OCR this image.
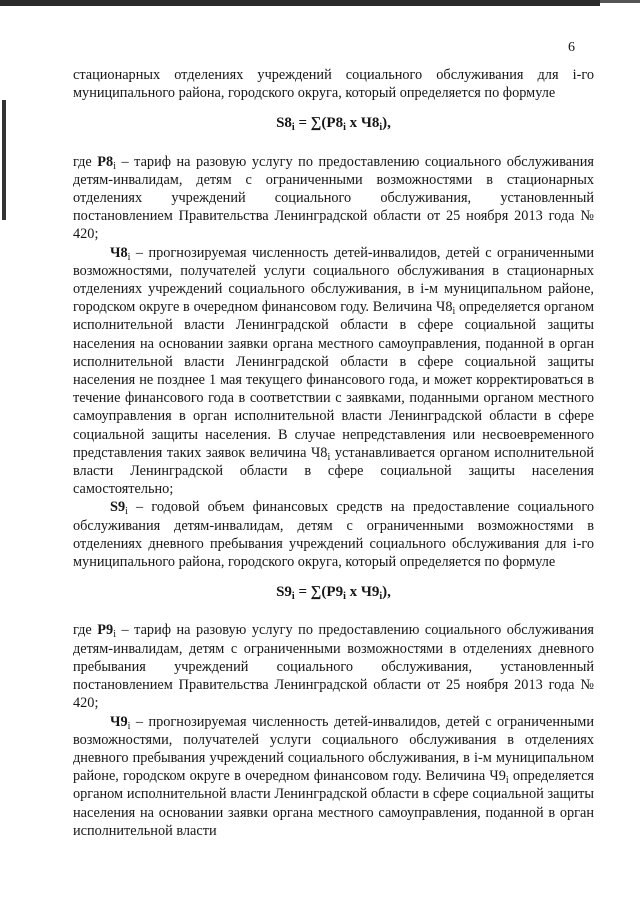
6

стационарных отделениях учреждений социального обслуживания для i-го муниципального района, городского округа, который определяется по формуле

$S8_i = \sum(P8_i$ x $Ч8_i$),

где $P8_i$ – тариф на разовую услугу по предоставлению социального обслуживания детям-инвалидам, детям с ограниченными возможностями в стационарных отделениях учреждений социального обслуживания, установленный постановлением Правительства Ленинградской области от 25 ноября 2013 года № 420;

$Ч8_i$ – прогнозируемая численность детей-инвалидов, детей с ограниченными возможностями, получателей услуги социального обслуживания в стационарных отделениях учреждений социального обслуживания, в i-м муниципальном районе, городском округе в очередном финансовом году. Величина $Ч8_i$ определяется органом исполнительной власти Ленинградской области в сфере социальной защиты населения на основании заявки органа местного самоуправления, поданной в орган исполнительной власти Ленинградской области в сфере социальной защиты населения не позднее 1 мая текущего финансового года, и может корректироваться в течение финансового года в соответствии с заявками, поданными органом местного самоуправления в орган исполнительной власти Ленинградской области в сфере социальной защиты населения. В случае непредставления или несвоевременного представления таких заявок величина $Ч8_i$ устанавливается органом исполнительной власти Ленинградской области в сфере социальной защиты населения самостоятельно;

$S9_i$ – годовой объем финансовых средств на предоставление социального обслуживания детям-инвалидам, детям с ограниченными возможностями в отделениях дневного пребывания учреждений социального обслуживания для i-го муниципального района, городского округа, который определяется по формуле

$S9_i = \sum(P9_i$ x $Ч9_i$),

где $P9_i$ – тариф на разовую услугу по предоставлению социального обслуживания детям-инвалидам, детям с ограниченными возможностями в отделениях дневного пребывания учреждений социального обслуживания, установленный постановлением Правительства Ленинградской области от 25 ноября 2013 года № 420;

$Ч9_i$ – прогнозируемая численность детей-инвалидов, детей с ограниченными возможностями, получателей услуги социального обслуживания в отделениях дневного пребывания учреждений социального обслуживания, в i-м муниципальном районе, городском округе в очередном финансовом году. Величина $Ч9_i$ определяется органом исполнительной власти Ленинградской области в сфере социальной защиты населения на основании заявки органа местного самоуправления, поданной в орган исполнительной власти
